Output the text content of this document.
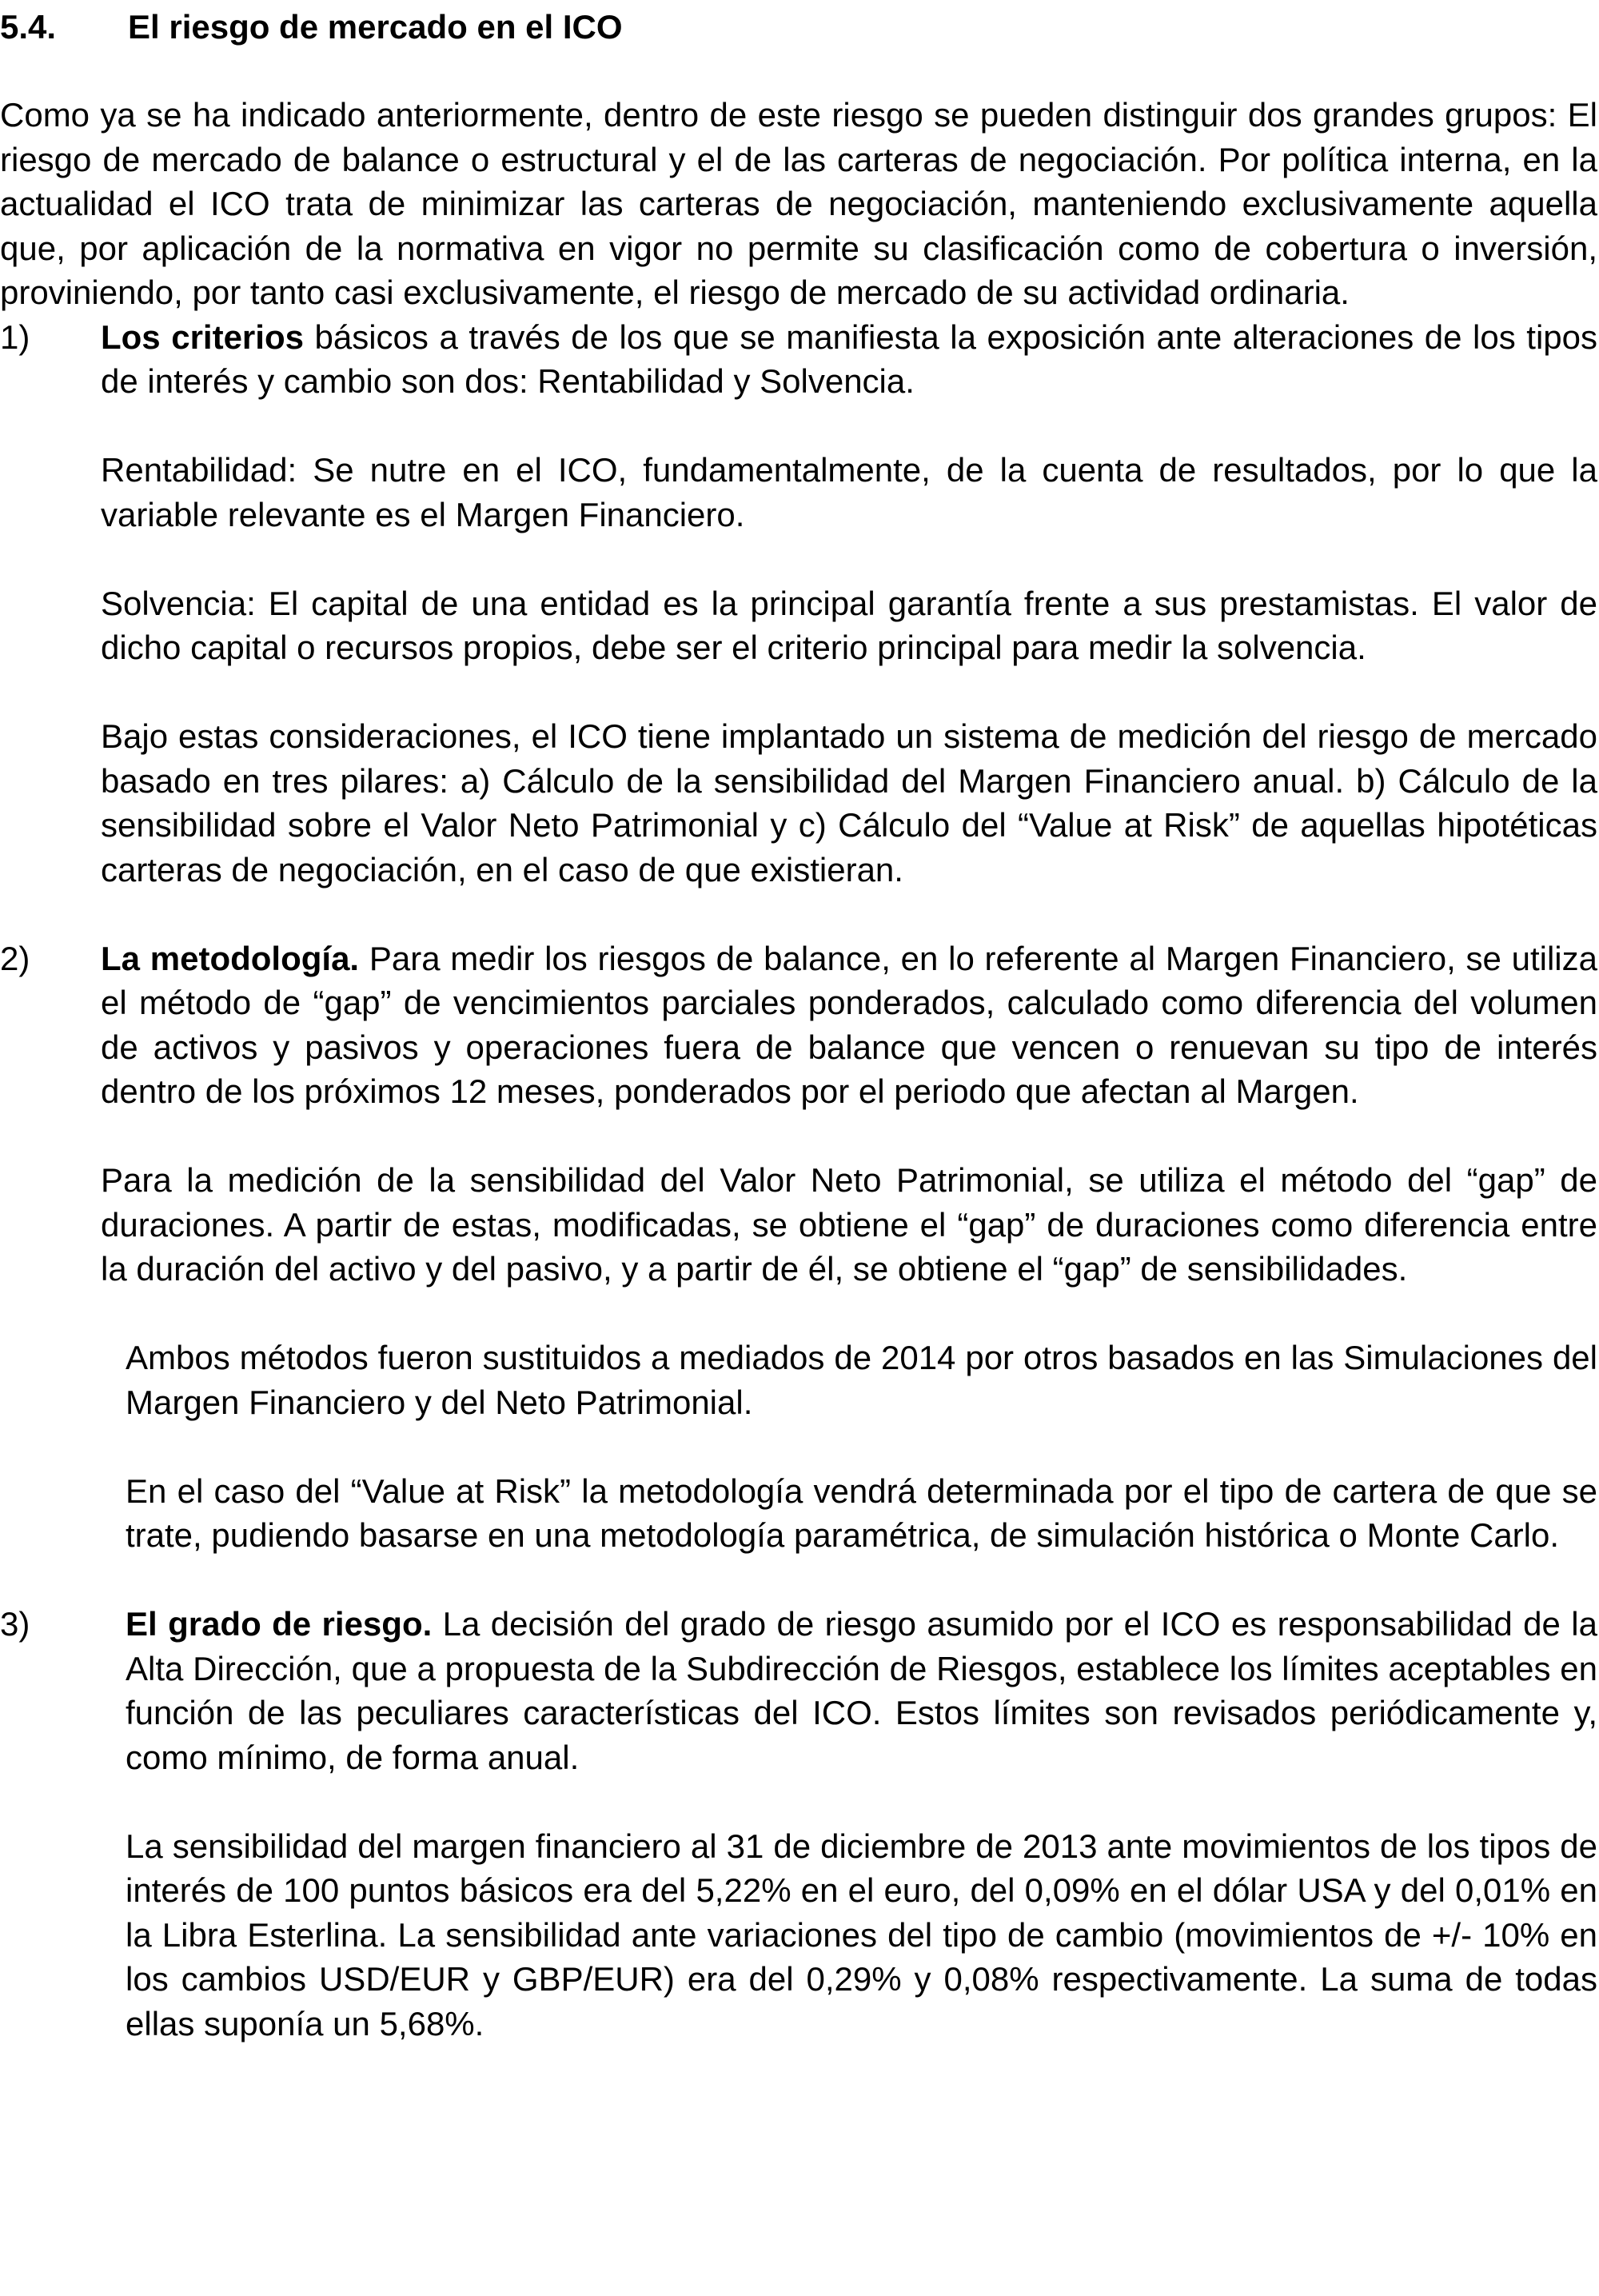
5.4.	El riesgo de mercado en el ICO

Como ya se ha indicado anteriormente, dentro de este riesgo se pueden distinguir dos grandes grupos: El riesgo de mercado de balance o estructural y el de las carteras de negociación. Por política interna, en la actualidad el ICO trata de minimizar las carteras de negociación, manteniendo exclusivamente aquella que, por aplicación de la normativa en vigor no permite su clasificación como de cobertura o inversión, proviniendo, por tanto casi exclusivamente, el riesgo de mercado de su actividad ordinaria.

1)	Los criterios básicos a través de los que se manifiesta la exposición ante alteraciones de los tipos de interés y cambio son dos: Rentabilidad y Solvencia.

Rentabilidad: Se nutre en el ICO, fundamentalmente, de la cuenta de resultados, por lo que la variable relevante es el Margen Financiero.

Solvencia: El capital de una entidad es la principal garantía frente a sus prestamistas. El valor de dicho capital o recursos propios, debe ser el criterio principal para medir la solvencia.

Bajo estas consideraciones, el ICO tiene implantado un sistema de medición del riesgo de mercado basado en tres pilares: a) Cálculo de la sensibilidad del Margen Financiero anual. b) Cálculo de la sensibilidad sobre el Valor Neto Patrimonial y c) Cálculo del “Value at Risk” de aquellas hipotéticas carteras de negociación, en el caso de que existieran.

2)	La metodología. Para medir los riesgos de balance, en lo referente al Margen Financiero, se utiliza el método de “gap” de vencimientos parciales ponderados, calculado como diferencia del volumen de activos y pasivos y operaciones fuera de balance que vencen o renuevan su tipo de interés dentro de los próximos 12 meses, ponderados por el periodo que afectan al Margen.

Para la medición de la sensibilidad del Valor Neto Patrimonial, se utiliza el método del “gap” de duraciones. A partir de estas, modificadas, se obtiene el “gap” de duraciones como diferencia entre la duración del activo y del pasivo, y a partir de él, se obtiene el “gap” de sensibilidades.

Ambos métodos fueron sustituidos a mediados de 2014 por otros basados en las Simulaciones del Margen Financiero y del Neto Patrimonial.

En el caso del “Value at Risk” la metodología vendrá determinada por el tipo de cartera de que se trate, pudiendo basarse en una metodología paramétrica, de simulación histórica o Monte Carlo.

3)	El grado de riesgo. La decisión del grado de riesgo asumido por el ICO es responsabilidad de la Alta Dirección, que a propuesta de la Subdirección de Riesgos, establece los límites aceptables en función de las peculiares características del ICO. Estos límites son revisados periódicamente y, como mínimo, de forma anual.

La sensibilidad del margen financiero al 31 de diciembre de 2013 ante movimientos de los tipos de interés de 100 puntos básicos era del 5,22% en el euro, del 0,09% en el dólar USA y del 0,01% en la Libra Esterlina. La sensibilidad ante variaciones del tipo de cambio (movimientos de +/- 10% en los cambios USD/EUR y GBP/EUR) era del 0,29% y 0,08% respectivamente. La suma de todas ellas suponía un 5,68%.
